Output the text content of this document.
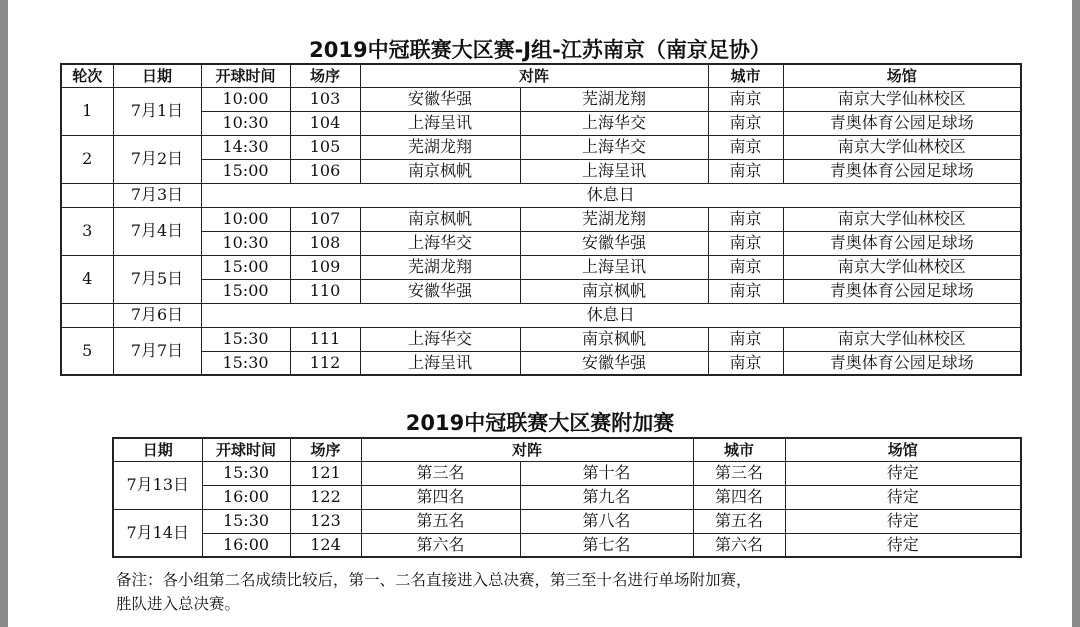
2019中冠联赛大区赛-J组-江苏南京（南京足协）
轮次	日期	开球时间	场序	对阵		城市	场馆
1	7月1日	10:00	103	安徽华强	芜湖龙翔	南京	南京大学仙林校区
		10:30	104	上海呈讯	上海华交	南京	青奥体育公园足球场
2	7月2日	14:30	105	芜湖龙翔	上海华交	南京	南京大学仙林校区
		15:00	106	南京枫帆	上海呈讯	南京	青奥体育公园足球场
	7月3日	休息日					
3	7月4日	10:00	107	南京枫帆	芜湖龙翔	南京	南京大学仙林校区
		10:30	108	上海华交	安徽华强	南京	青奥体育公园足球场
4	7月5日	15:00	109	芜湖龙翔	上海呈讯	南京	南京大学仙林校区
		15:00	110	安徽华强	南京枫帆	南京	青奥体育公园足球场
	7月6日	休息日					
5	7月7日	15:30	111	上海华交	南京枫帆	南京	南京大学仙林校区
		15:30	112	上海呈讯	安徽华强	南京	青奥体育公园足球场
2019中冠联赛大区赛附加赛
日期	开球时间	场序	对阵		城市	场馆
7月13日	15:30	121	第三名	第十名	第三名	待定
	16:00	122	第四名	第九名	第四名	待定
7月14日	15:30	123	第五名	第八名	第五名	待定
	16:00	124	第六名	第七名	第六名	待定
备注：各小组第二名成绩比较后，第一、二名直接进入总决赛，第三至十名进行单场附加赛，
胜队进入总决赛。
